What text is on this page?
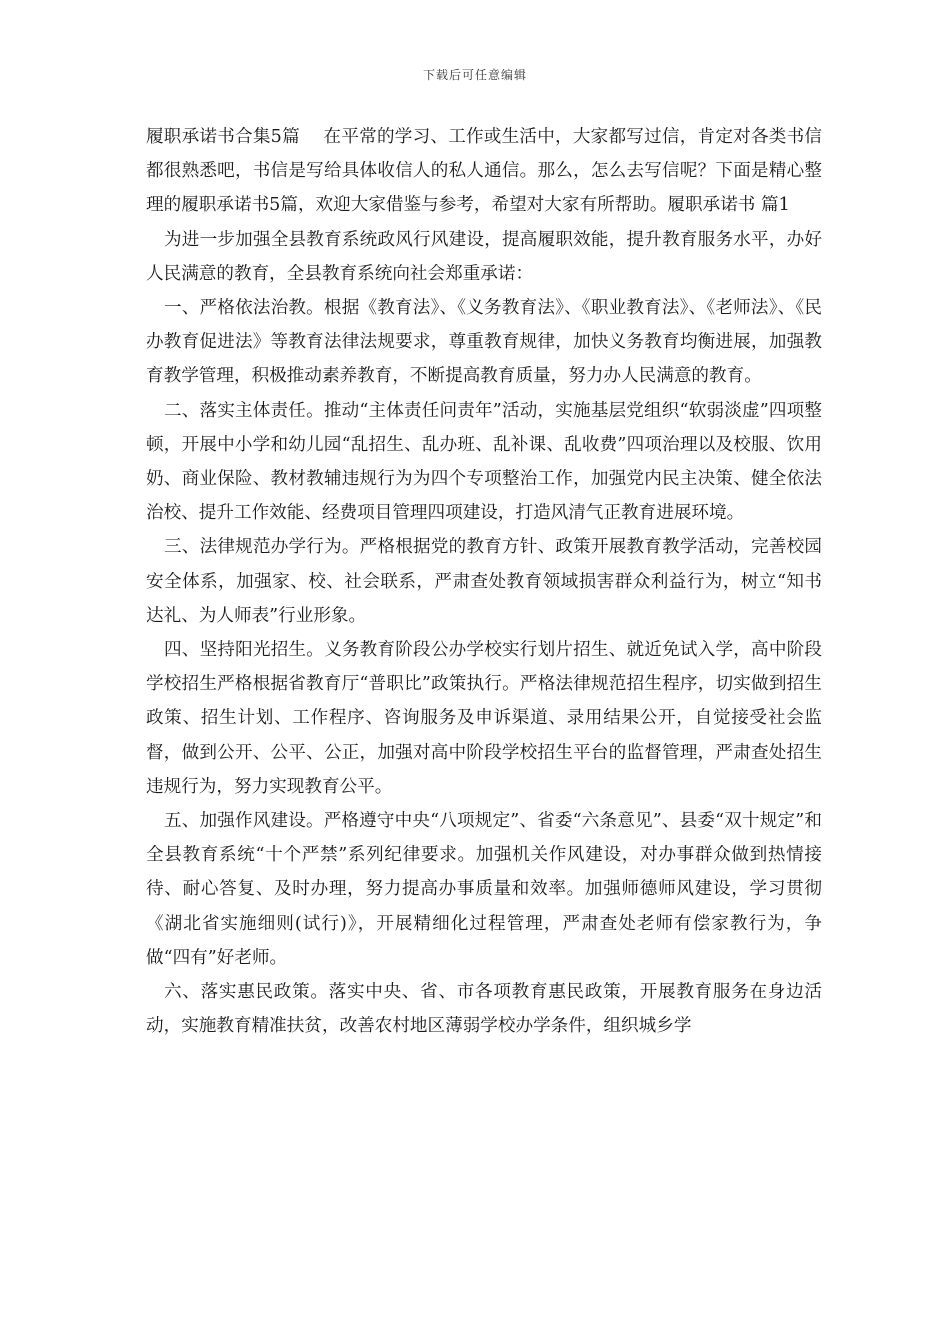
下载后可任意编辑

履职承诺书合集5篇　 在平常的学习、工作或生活中，大家都写过信，肯定对各类书信都很熟悉吧，书信是写给具体收信人的私人通信。那么，怎么去写信呢？下面是精心整理的履职承诺书5篇，欢迎大家借鉴与参考，希望对大家有所帮助。履职承诺书 篇1

为进一步加强全县教育系统政风行风建设，提高履职效能，提升教育服务水平，办好人民满意的教育，全县教育系统向社会郑重承诺：

一、严格依法治教。根据《教育法》、《义务教育法》、《职业教育法》、《老师法》、《民办教育促进法》等教育法律法规要求，尊重教育规律，加快义务教育均衡进展，加强教育教学管理，积极推动素养教育，不断提高教育质量，努力办人民满意的教育。

二、落实主体责任。推动“主体责任问责年”活动，实施基层党组织“软弱淡虚”四项整顿，开展中小学和幼儿园“乱招生、乱办班、乱补课、乱收费”四项治理以及校服、饮用奶、商业保险、教材教辅违规行为为四个专项整治工作，加强党内民主决策、健全依法治校、提升工作效能、经费项目管理四项建设，打造风清气正教育进展环境。

三、法律规范办学行为。严格根据党的教育方针、政策开展教育教学活动，完善校园安全体系，加强家、校、社会联系，严肃查处教育领域损害群众利益行为，树立“知书达礼、为人师表”行业形象。

四、坚持阳光招生。义务教育阶段公办学校实行划片招生、就近免试入学，高中阶段学校招生严格根据省教育厅“普职比”政策执行。严格法律规范招生程序，切实做到招生政策、招生计划、工作程序、咨询服务及申诉渠道、录用结果公开，自觉接受社会监督，做到公开、公平、公正，加强对高中阶段学校招生平台的监督管理，严肃查处招生违规行为，努力实现教育公平。

五、加强作风建设。严格遵守中央“八项规定”、省委“六条意见”、县委“双十规定”和全县教育系统“十个严禁”系列纪律要求。加强机关作风建设，对办事群众做到热情接待、耐心答复、及时办理，努力提高办事质量和效率。加强师德师风建设，学习贯彻《湖北省实施细则(试行)》，开展精细化过程管理，严肃查处老师有偿家教行为，争做“四有”好老师。

六、落实惠民政策。落实中央、省、市各项教育惠民政策，开展教育服务在身边活动，实施教育精准扶贫，改善农村地区薄弱学校办学条件，组织城乡学
